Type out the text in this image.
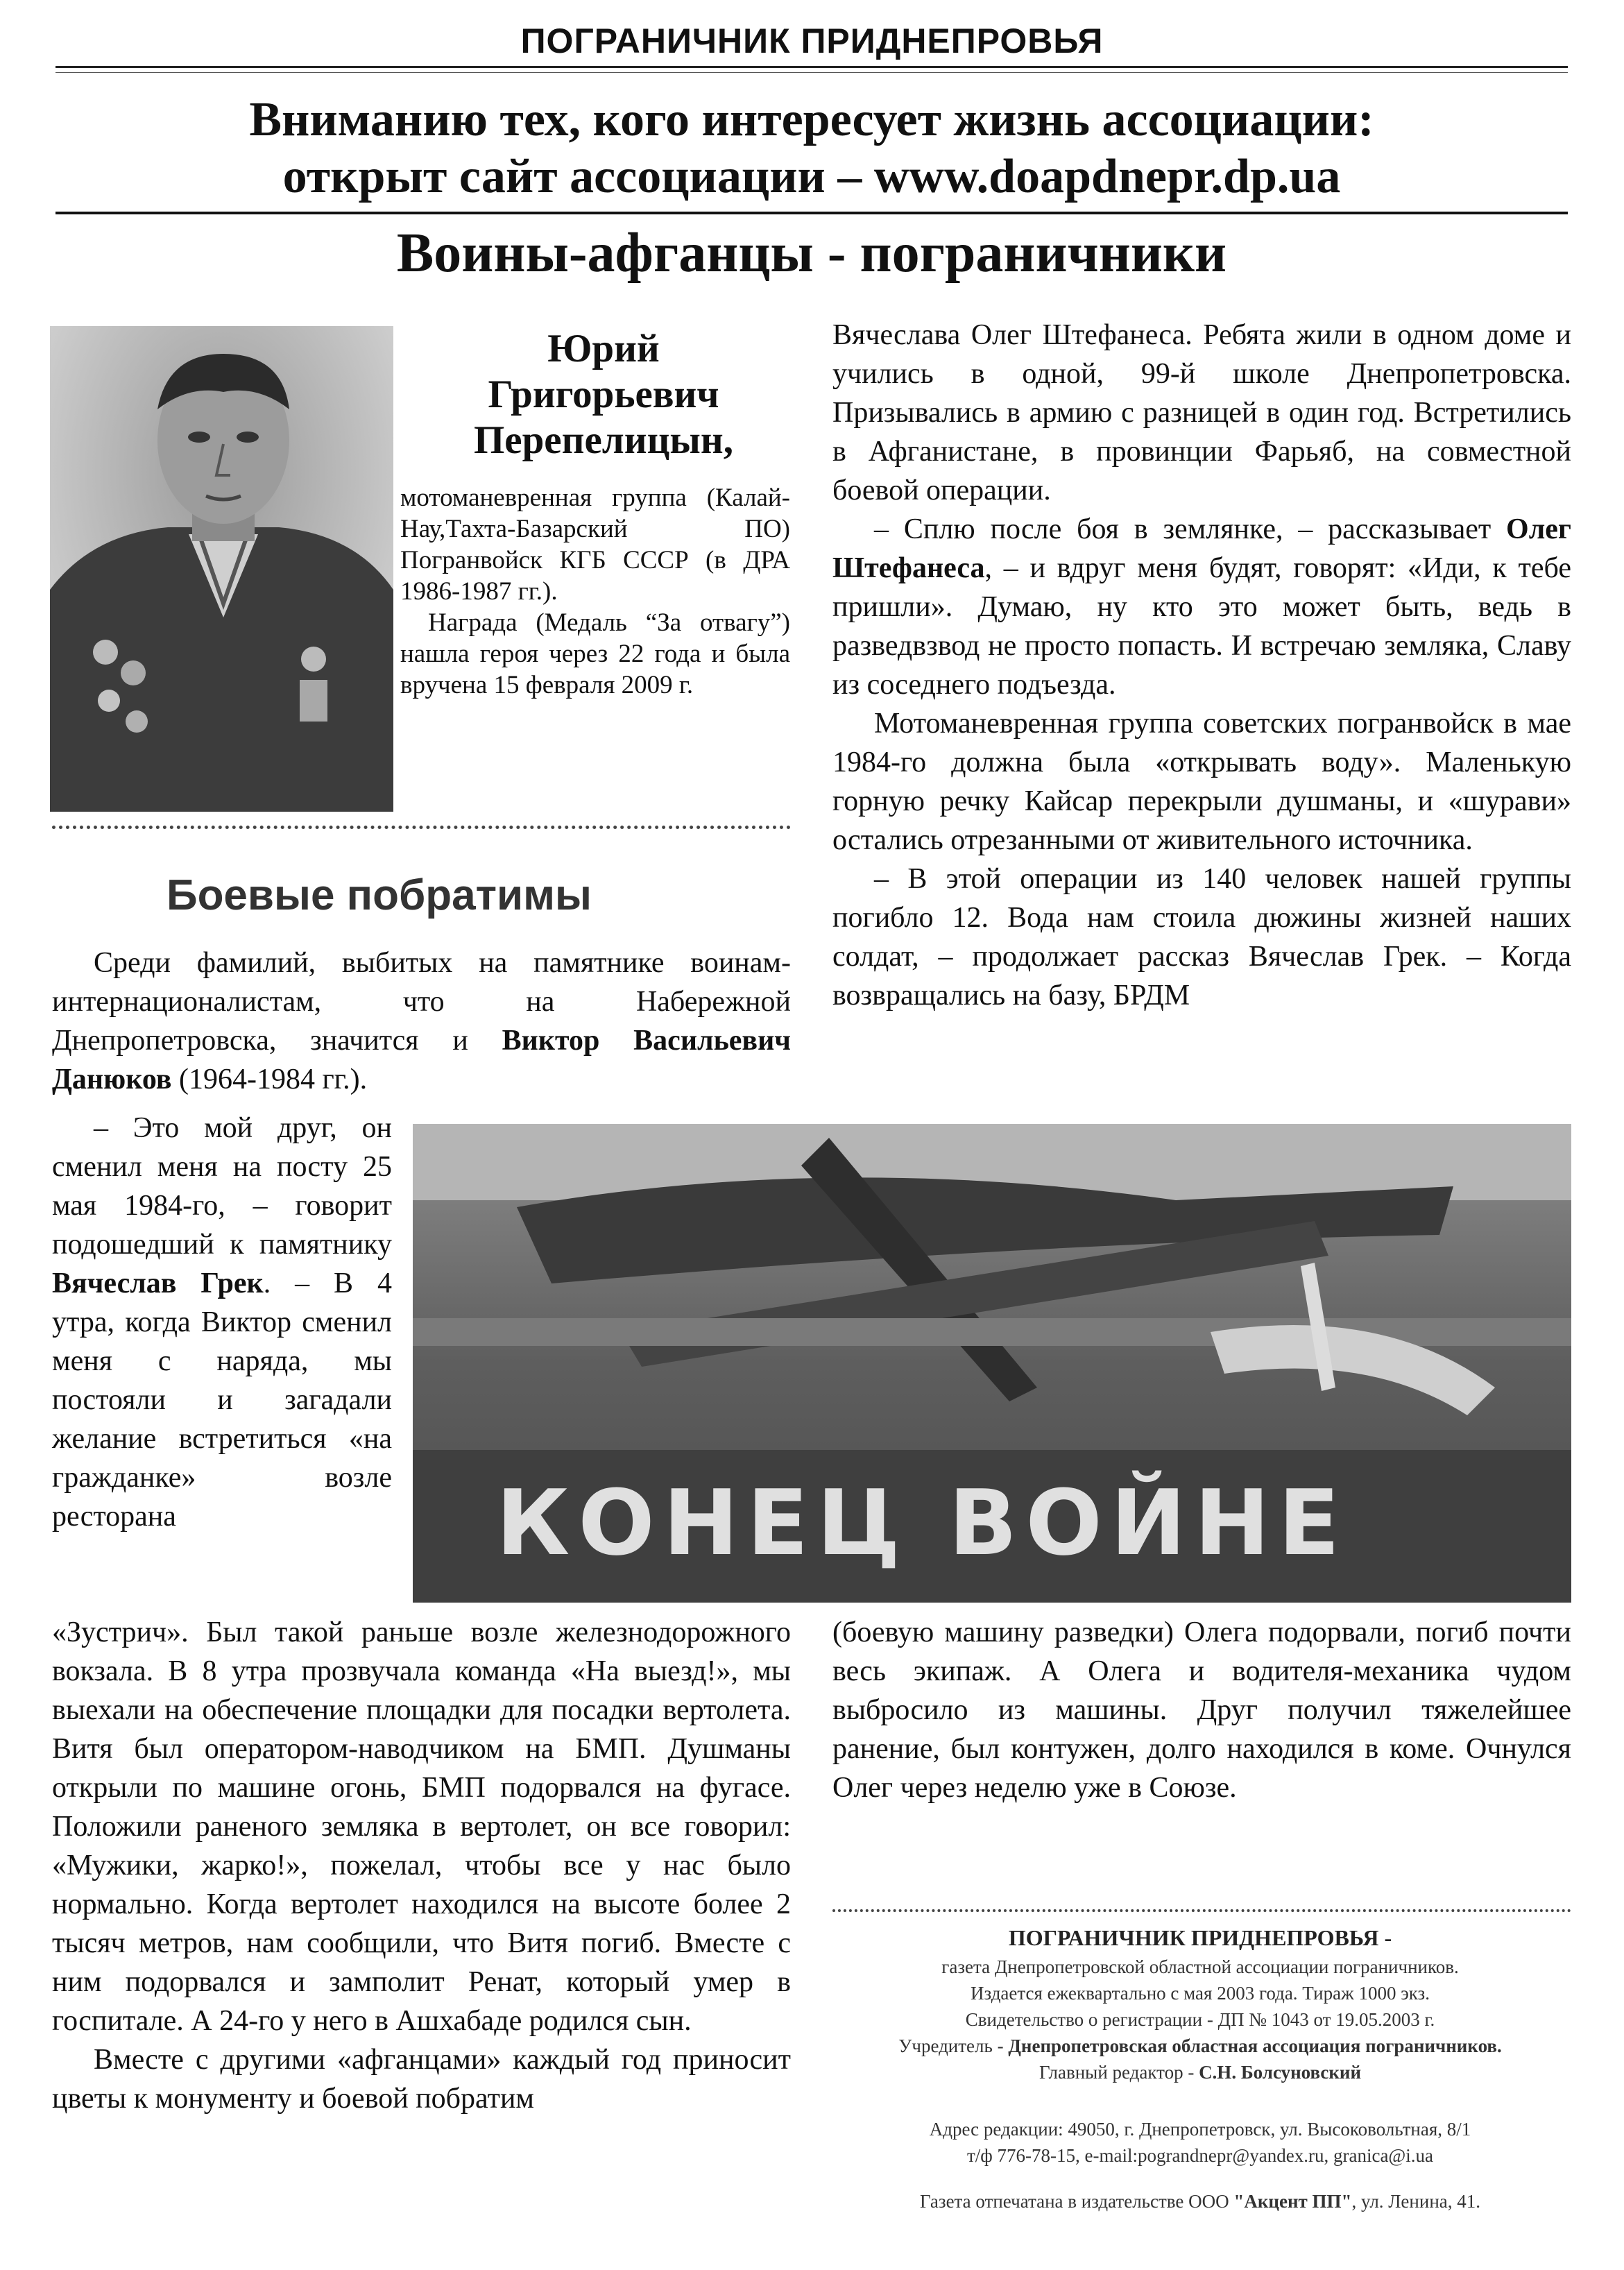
ПОГРАНИЧНИК ПРИДНЕПРОВЬЯ
Вниманию тех, кого интересует жизнь ассоциации:
открыт сайт ассоциации – www.doapdnepr.dp.ua
Воины-афганцы - пограничники
Юрий
Григорьевич
Перепелицын,

мотоманевренная группа (Калай-Нау,Тахта-Базарский ПО) Погранвойск КГБ СССР (в ДРА 1986-1987 гг.).

Награда (Медаль “За отвагу”) нашла героя через 22 года и была вручена 15 февраля 2009 г.

Боевые побратимы

Среди фамилий, выбитых на памятнике воинам-интернационалистам, что на Набережной Днепропетровска, значится и Виктор Васильевич Данюков (1964-1984 гг.).

– Это мой друг, он сменил меня на посту 25 мая 1984-го, – говорит подошедший к памятнику Вячеслав Грек. – В 4 утра, когда Виктор сменил меня с наряда, мы постояли и загадали желание встретиться «на гражданке» возле ресторана

«Зустрич». Был такой раньше возле железнодорожного вокзала. В 8 утра прозвучала команда «На выезд!», мы выехали на обеспечение площадки для посадки вертолета. Витя был оператором-наводчиком на БМП. Душманы открыли по машине огонь, БМП подорвался на фугасе. Положили раненого земляка в вертолет, он все говорил: «Мужики, жарко!», пожелал, чтобы все у нас было нормально. Когда вертолет находился на высоте более 2 тысяч метров, нам сообщили, что Витя погиб. Вместе с ним подорвался и замполит Ренат, который умер в госпитале. А 24-го у него в Ашхабаде родился сын.

Вместе с другими «афганцами» каждый год приносит цветы к монументу и боевой побратим

Вячеслава Олег Штефанеса. Ребята жили в одном доме и учились в одной, 99-й школе Днепропетровска. Призывались в армию с разницей в один год. Встретились в Афганистане, в провинции Фарьяб, на совместной боевой операции.

– Сплю после боя в землянке, – рассказывает Олег Штефанеса, – и вдруг меня будят, говорят: «Иди, к тебе пришли». Думаю, ну кто это может быть, ведь в разведвзвод не просто попасть. И встречаю земляка, Славу из соседнего подъезда.

Мотоманевренная группа советских погранвойск в мае 1984-го должна была «открывать воду». Маленькую горную речку Кайсар перекрыли душманы, и «шурави» остались отрезанными от живительного источника.

– В этой операции из 140 человек нашей группы погибло 12. Вода нам стоила дюжины жизней наших солдат, – продолжает рассказ Вячеслав Грек. – Когда возвращались на базу, БРДМ

(боевую машину разведки) Олега подорвали, погиб почти весь экипаж. А Олега и водителя-механика чудом выбросило из машины. Друг получил тяжелейшее ранение, был контужен, долго находился в коме. Очнулся Олег через неделю уже в Союзе.

КОНЕЦ ВОЙНЕ
ПОГРАНИЧНИК ПРИДНЕПРОВЬЯ -
газета Днепропетровской областной ассоциации пограничников.
Издается ежеквартально с мая 2003 года. Тираж 1000 экз.
Свидетельство о регистрации - ДП № 1043 от 19.05.2003 г.
Учредитель - Днепропетровская областная ассоциация пограничников.
Главный редактор - С.Н. Болсуновский
Адрес редакции: 49050, г. Днепропетровск, ул. Высоковольтная, 8/1
т/ф 776-78-15, e-mail:pograndnepr@yandex.ru, granica@i.ua
Газета отпечатана в издательстве ООО "Акцент ПП", ул. Ленина, 41.
